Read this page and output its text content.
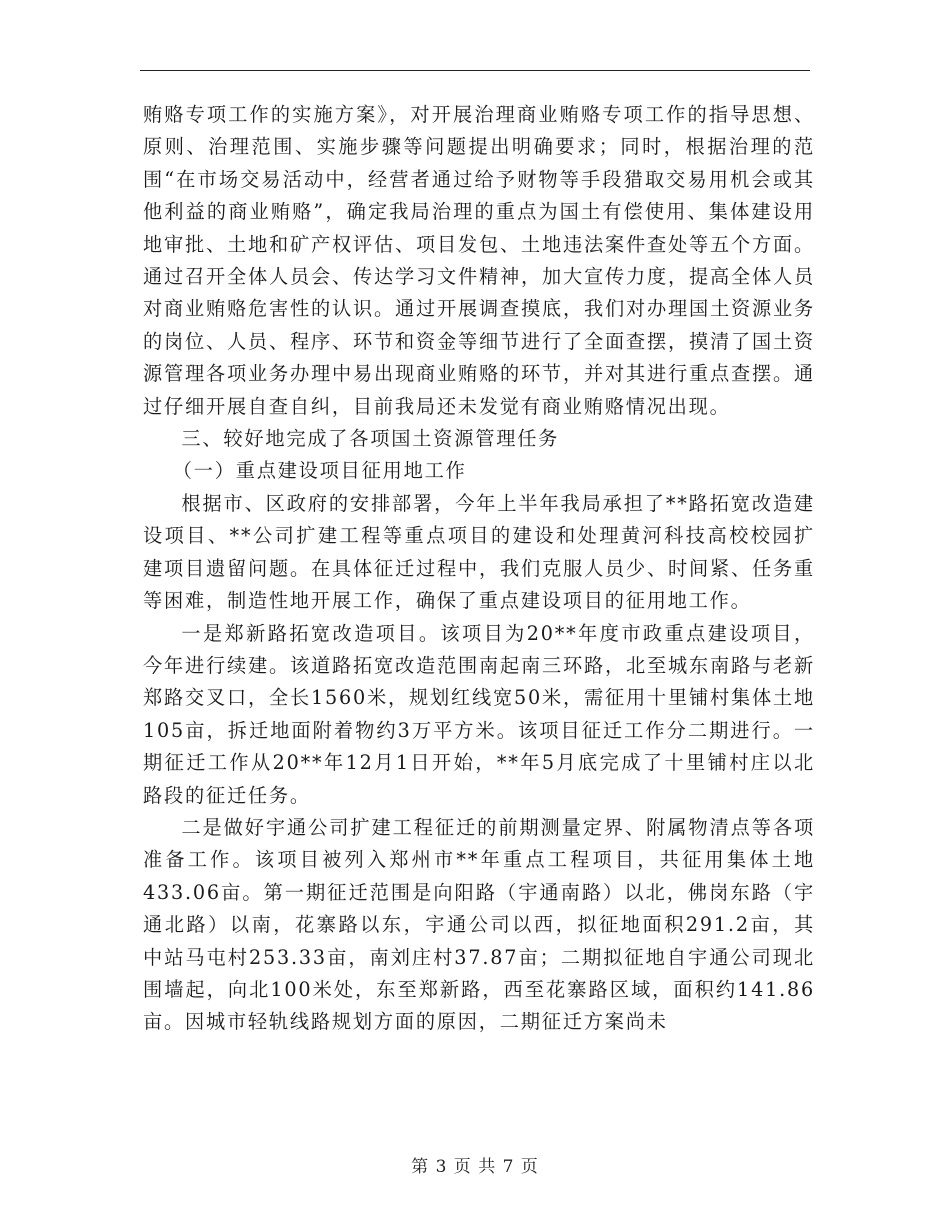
贿赂专项工作的实施方案》，对开展治理商业贿赂专项工作的指导思想、原则、治理范围、实施步骤等问题提出明确要求；同时，根据治理的范围“在市场交易活动中，经营者通过给予财物等手段猎取交易用机会或其他利益的商业贿赂”，确定我局治理的重点为国土有偿使用、集体建设用地审批、土地和矿产权评估、项目发包、土地违法案件查处等五个方面。通过召开全体人员会、传达学习文件精神，加大宣传力度，提高全体人员对商业贿赂危害性的认识。通过开展调查摸底，我们对办理国土资源业务的岗位、人员、程序、环节和资金等细节进行了全面查摆，摸清了国土资源管理各项业务办理中易出现商业贿赂的环节，并对其进行重点查摆。通过仔细开展自查自纠，目前我局还未发觉有商业贿赂情况出现。

三、较好地完成了各项国土资源管理任务

（一）重点建设项目征用地工作

根据市、区政府的安排部署，今年上半年我局承担了**路拓宽改造建设项目、**公司扩建工程等重点项目的建设和处理黄河科技高校校园扩建项目遗留问题。在具体征迁过程中，我们克服人员少、时间紧、任务重等困难，制造性地开展工作，确保了重点建设项目的征用地工作。

一是郑新路拓宽改造项目。该项目为20**年度市政重点建设项目，今年进行续建。该道路拓宽改造范围南起南三环路，北至城东南路与老新郑路交叉口，全长1560米，规划红线宽50米，需征用十里铺村集体土地105亩，拆迁地面附着物约3万平方米。该项目征迁工作分二期进行。一期征迁工作从20**年12月1日开始，**年5月底完成了十里铺村庄以北路段的征迁任务。

二是做好宇通公司扩建工程征迁的前期测量定界、附属物清点等各项准备工作。该项目被列入郑州市**年重点工程项目，共征用集体土地433.06亩。第一期征迁范围是向阳路（宇通南路）以北，佛岗东路（宇通北路）以南，花寨路以东，宇通公司以西，拟征地面积291.2亩，其中站马屯村253.33亩，南刘庄村37.87亩；二期拟征地自宇通公司现北围墙起，向北100米处，东至郑新路，西至花寨路区域，面积约141.86亩。因城市轻轨线路规划方面的原因，二期征迁方案尚未

第 3 页 共 7 页
